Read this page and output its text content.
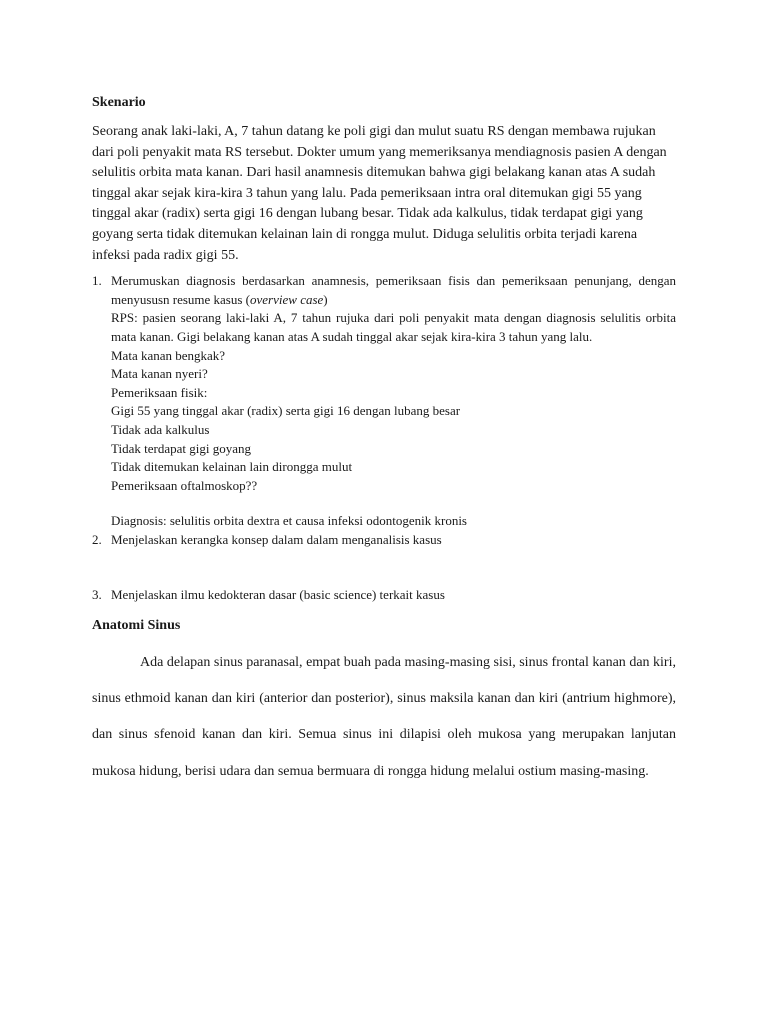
Skenario

Seorang anak laki-laki, A, 7 tahun datang ke poli gigi dan mulut suatu RS dengan membawa rujukan dari poli penyakit mata RS tersebut. Dokter umum yang memeriksanya mendiagnosis pasien A dengan selulitis orbita mata kanan. Dari hasil anamnesis ditemukan bahwa gigi belakang kanan atas A sudah tinggal akar sejak kira-kira 3 tahun yang lalu. Pada pemeriksaan intra oral ditemukan gigi 55 yang tinggal akar (radix) serta gigi 16 dengan lubang besar. Tidak ada kalkulus, tidak terdapat gigi yang goyang serta tidak ditemukan kelainan lain di rongga mulut. Diduga selulitis orbita terjadi karena infeksi pada radix gigi 55.

1. Merumuskan diagnosis berdasarkan anamnesis, pemeriksaan fisis dan pemeriksaan penunjang, dengan menyususn resume kasus (overview case)
RPS: pasien seorang laki-laki A, 7 tahun rujuka dari poli penyakit mata dengan diagnosis selulitis orbita mata kanan. Gigi belakang kanan atas A sudah tinggal akar sejak kira-kira 3 tahun yang lalu.
Mata kanan bengkak?
Mata kanan nyeri?
Pemeriksaan fisik:
Gigi 55 yang tinggal akar (radix) serta gigi 16 dengan lubang besar
Tidak ada kalkulus
Tidak terdapat gigi goyang
Tidak ditemukan kelainan lain dirongga mulut
Pemeriksaan oftalmoskop??
Diagnosis: selulitis orbita dextra et causa infeksi odontogenik kronis
2. Menjelaskan kerangka konsep dalam dalam menganalisis kasus
3. Menjelaskan ilmu kedokteran dasar (basic science) terkait kasus
Anatomi Sinus

Ada delapan sinus paranasal, empat buah pada masing-masing sisi, sinus frontal kanan dan kiri, sinus ethmoid kanan dan kiri (anterior dan posterior), sinus maksila kanan dan kiri (antrium highmore), dan sinus sfenoid kanan dan kiri. Semua sinus ini dilapisi oleh mukosa yang merupakan lanjutan mukosa hidung, berisi udara dan semua bermuara di rongga hidung melalui ostium masing-masing.
